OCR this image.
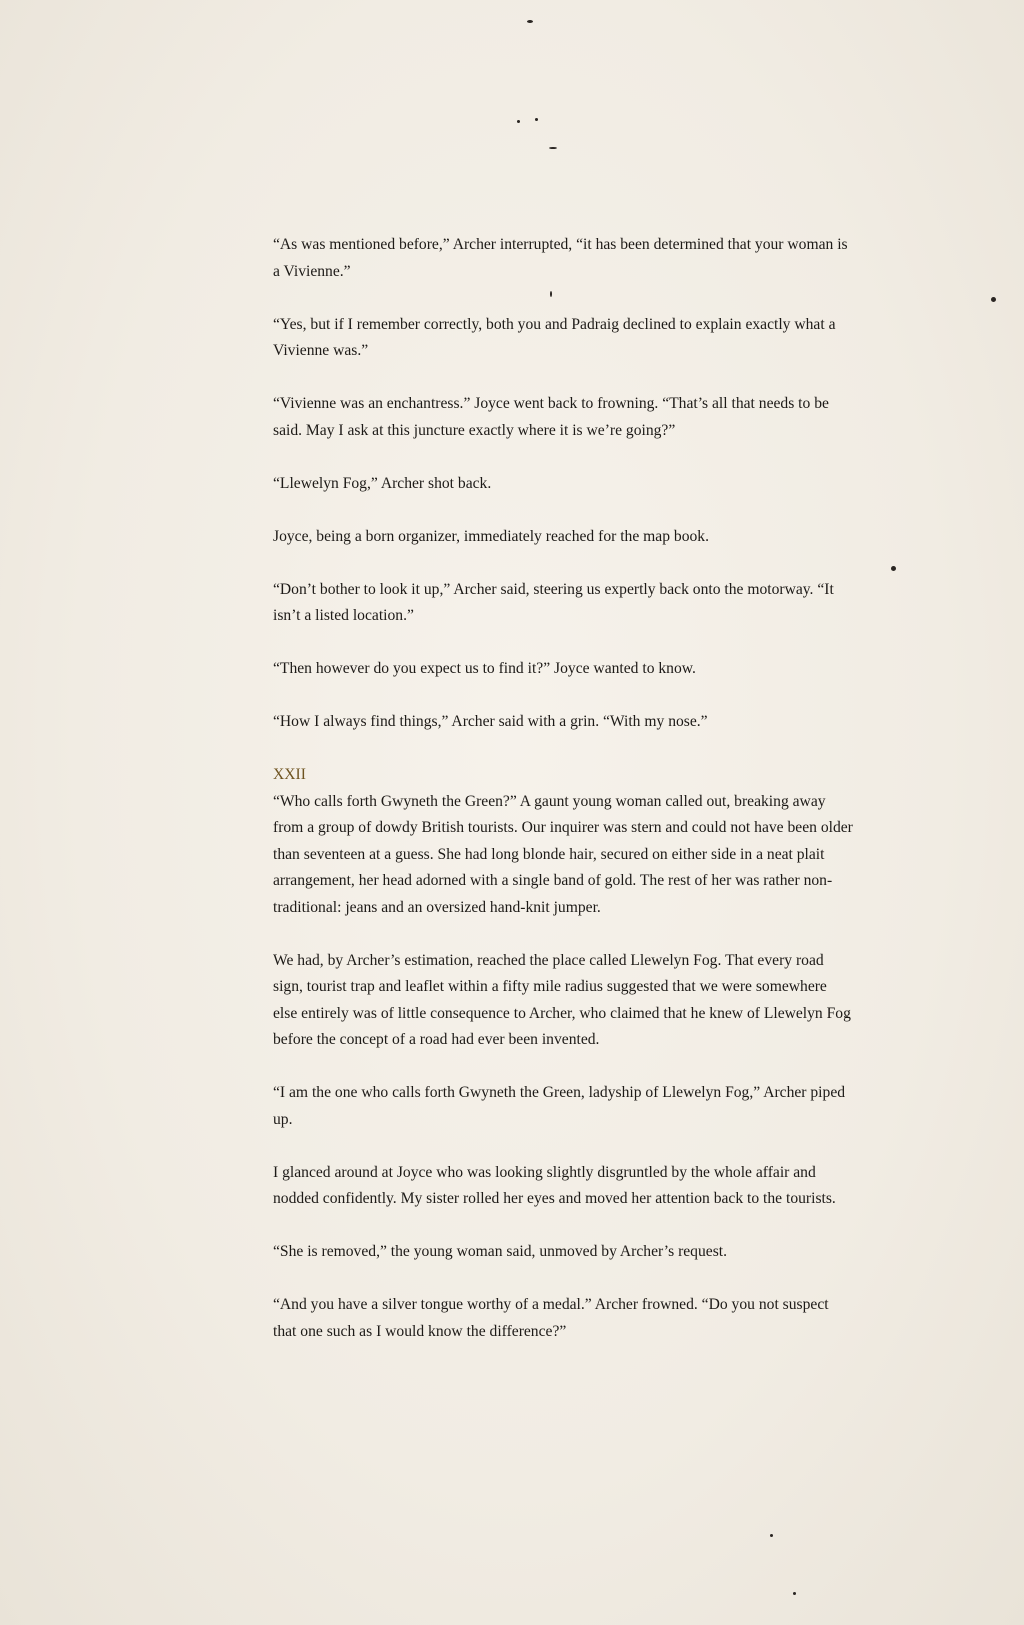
“As was mentioned before,” Archer interrupted, “it has been determined that your woman is a Vivienne.”

“Yes, but if I remember correctly, both you and Padraig declined to explain exactly what a Vivienne was.”

“Vivienne was an enchantress.” Joyce went back to frowning. “That’s all that needs to be said. May I ask at this juncture exactly where it is we’re going?”

“Llewelyn Fog,” Archer shot back.

Joyce, being a born organizer, immediately reached for the map book.

“Don’t bother to look it up,” Archer said, steering us expertly back onto the motorway. “It isn’t a listed location.”

“Then however do you expect us to find it?” Joyce wanted to know.

“How I always find things,” Archer said with a grin. “With my nose.”

XXII

“Who calls forth Gwyneth the Green?” A gaunt young woman called out, breaking away from a group of dowdy British tourists. Our inquirer was stern and could not have been older than seventeen at a guess. She had long blonde hair, secured on either side in a neat plait arrangement, her head adorned with a single band of gold. The rest of her was rather non-traditional: jeans and an oversized hand-knit jumper.

We had, by Archer’s estimation, reached the place called Llewelyn Fog. That every road sign, tourist trap and leaflet within a fifty mile radius suggested that we were somewhere else entirely was of little consequence to Archer, who claimed that he knew of Llewelyn Fog before the concept of a road had ever been invented.

“I am the one who calls forth Gwyneth the Green, ladyship of Llewelyn Fog,” Archer piped up.

I glanced around at Joyce who was looking slightly disgruntled by the whole affair and nodded confidently. My sister rolled her eyes and moved her attention back to the tourists.

“She is removed,” the young woman said, unmoved by Archer’s request.

“And you have a silver tongue worthy of a medal.” Archer frowned. “Do you not suspect that one such as I would know the difference?”
